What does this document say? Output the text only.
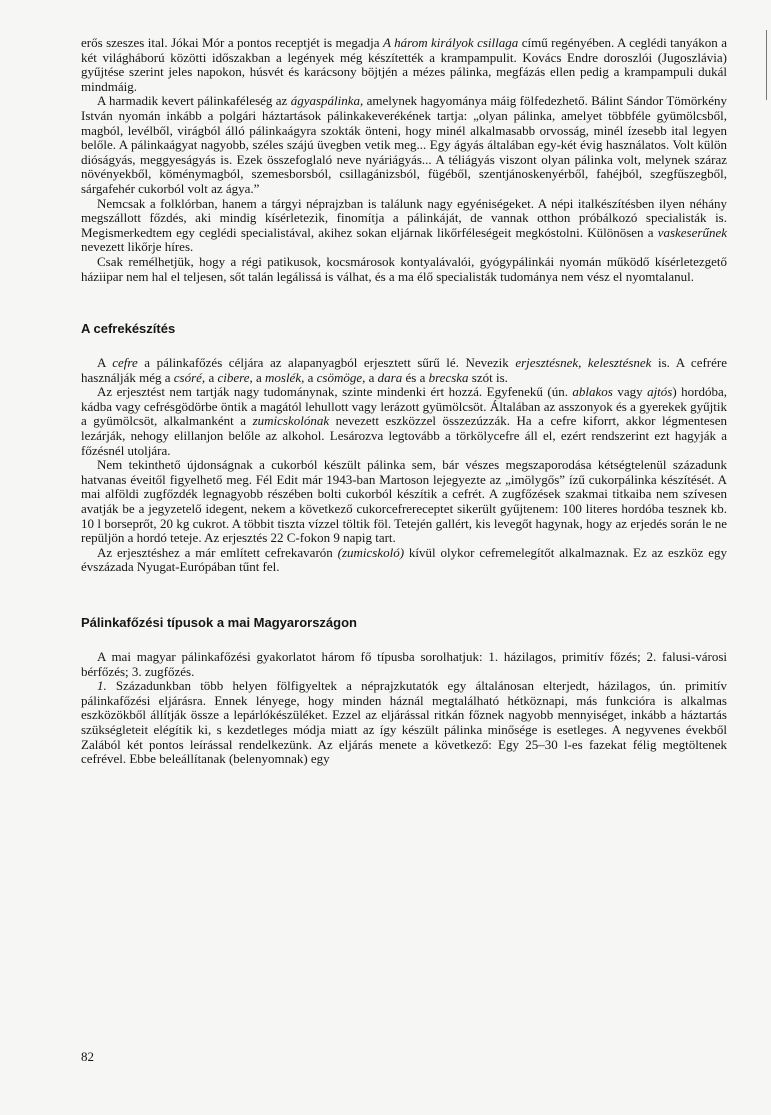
erős szeszes ital. Jókai Mór a pontos receptjét is megadja A három királyok csillaga című regényében. A ceglédi tanyákon a két világháború közötti időszakban a legények még készítették a krampampulit. Kovács Endre doroszlói (Jugoszlávia) gyűjtése szerint jeles napokon, húsvét és karácsony böjtjén a mézes pálinka, megfázás ellen pedig a krampampuli dukál mindmáig.

A harmadik kevert pálinkaféleség az ágyaspálinka, amelynek hagyománya máig fölfedezhető. Bálint Sándor Tömörkény István nyomán inkább a polgári háztartások pálinkakeverékének tartja: „olyan pálinka, amelyet többféle gyümölcsből, magból, levélből, virágból álló pálinkaágyra szokták önteni, hogy minél alkalmasabb orvosság, minél ízesebb ital legyen belőle. A pálinkaágyat nagyobb, széles szájú üvegben vetik meg... Egy ágyás általában egy-két évig használatos. Volt külön dióságyás, meggyeságyás is. Ezek összefoglaló neve nyáriágyás... A téliágyás viszont olyan pálinka volt, melynek száraz növényekből, köménymagból, szemesborsból, csillagánizsból, fügéből, szentjánoskenyérből, fahéjból, szegfűszegből, sárgafehér cukorból volt az ágya.”

Nemcsak a folklórban, hanem a tárgyi néprajzban is találunk nagy egyéniségeket. A népi italkészítésben ilyen néhány megszállott főzdés, aki mindig kísérletezik, finomítja a pálinkáját, de vannak otthon próbálkozó specialisták is. Megismerkedtem egy ceglédi specialistával, akihez sokan eljárnak likőrféleségeit megkóstolni. Különösen a vaskeserűnek nevezett likőrje híres.

Csak remélhetjük, hogy a régi patikusok, kocsmárosok kontyalávalói, gyógypálinkái nyomán működő kísérletezgető háziipar nem hal el teljesen, sőt talán legálissá is válhat, és a ma élő specialisták tudománya nem vész el nyomtalanul.

A cefrekészítés

A cefre a pálinkafőzés céljára az alapanyagból erjesztett sűrű lé. Nevezik erjesztésnek, kelesztésnek is. A cefrére használják még a csóré, a cibere, a moslék, a csömöge, a dara és a brecska szót is.

Az erjesztést nem tartják nagy tudománynak, szinte mindenki ért hozzá. Egyfenekű (ún. ablakos vagy ajtós) hordóba, kádba vagy cefrésgödörbe öntik a magától lehullott vagy lerázott gyümölcsöt. Általában az asszonyok és a gyerekek gyűjtik a gyümölcsöt, alkalmanként a zumicskolónak nevezett eszközzel összezúzzák. Ha a cefre kiforrt, akkor légmentesen lezárják, nehogy elillanjon belőle az alkohol. Lesározva legtovább a törkölycefre áll el, ezért rendszerint ezt hagyják a főzésnél utoljára.

Nem tekinthető újdonságnak a cukorból készült pálinka sem, bár vészes megszaporodása kétségtelenül századunk hatvanas éveitől figyelhető meg. Fél Edit már 1943-ban Martoson lejegyezte az „imölygős” ízű cukorpálinka készítését. A mai alföldi zugfőzdék legnagyobb részében bolti cukorból készítik a cefrét. A zugfőzések szakmai titkaiba nem szívesen avatják be a jegyzetelő idegent, nekem a következő cukorcefrereceptet sikerült gyűjtenem: 100 literes hordóba tesznek kb. 10 l borseprőt, 20 kg cukrot. A többit tiszta vízzel töltik föl. Tetején gallért, kis levegőt hagynak, hogy az erjedés során le ne repüljön a hordó teteje. Az erjesztés 22 C-fokon 9 napig tart.

Az erjesztéshez a már említett cefrekavarón (zumicskoló) kívül olykor cefremelegítőt alkalmaznak. Ez az eszköz egy évszázada Nyugat-Európában tűnt fel.

Pálinkafőzési típusok a mai Magyarországon

A mai magyar pálinkafőzési gyakorlatot három fő típusba sorolhatjuk: 1. házilagos, primitív főzés; 2. falusi-városi bérfőzés; 3. zugfőzés.

1. Századunkban több helyen fölfigyeltek a néprajzkutatók egy általánosan elterjedt, házilagos, ún. primitív pálinkafőzési eljárásra. Ennek lényege, hogy minden háznál megtalálható hétköznapi, más funkcióra is alkalmas eszközökből állítják össze a lepárlókészüléket. Ezzel az eljárással ritkán főznek nagyobb mennyiséget, inkább a háztartás szükségleteit elégítik ki, s kezdetleges módja miatt az így készült pálinka minősége is esetleges. A negyvenes évekből Zalából két pontos leírással rendelkezünk. Az eljárás menete a következő: Egy 25–30 l-es fazekat félig megtöltenek cefrével. Ebbe beleállítanak (belenyomnak) egy

82
